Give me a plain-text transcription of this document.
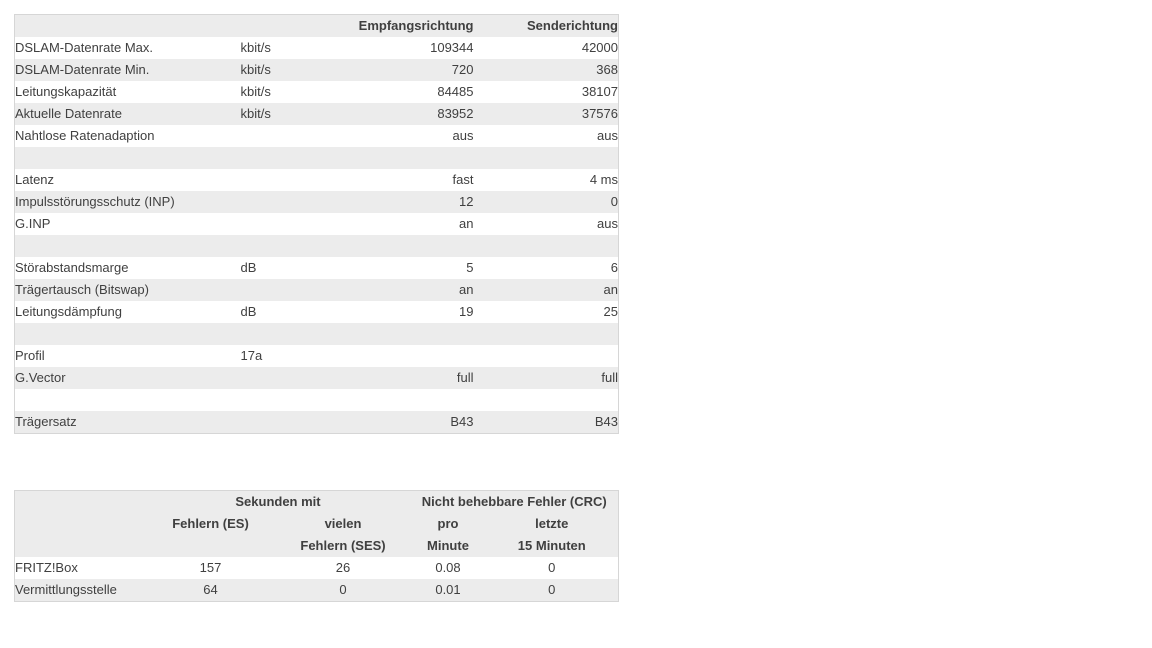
		Empfangsrichtung	Senderichtung
DSLAM-Datenrate Max.	kbit/s	109344	42000
DSLAM-Datenrate Min.	kbit/s	720	368
Leitungskapazität	kbit/s	84485	38107
Aktuelle Datenrate	kbit/s	83952	37576
Nahtlose Ratenadaption		aus	aus

Latenz		fast	4 ms
Impulsstörungsschutz (INP)		12	0
G.INP		an	aus

Störabstandsmarge	dB	5	6
Trägertausch (Bitswap)		an	an
Leitungsdämpfung	dB	19	25

Profil	17a		
G.Vector		full	full

Trägersatz		B43	B43
	Sekunden mit		Nicht behebbare Fehler (CRC)	
	Fehlern (ES)	vielen	pro	letzte
		Fehlern (SES)	Minute	15 Minuten
FRITZ!Box	157	26	0.08	0
Vermittlungsstelle	64	0	0.01	0
